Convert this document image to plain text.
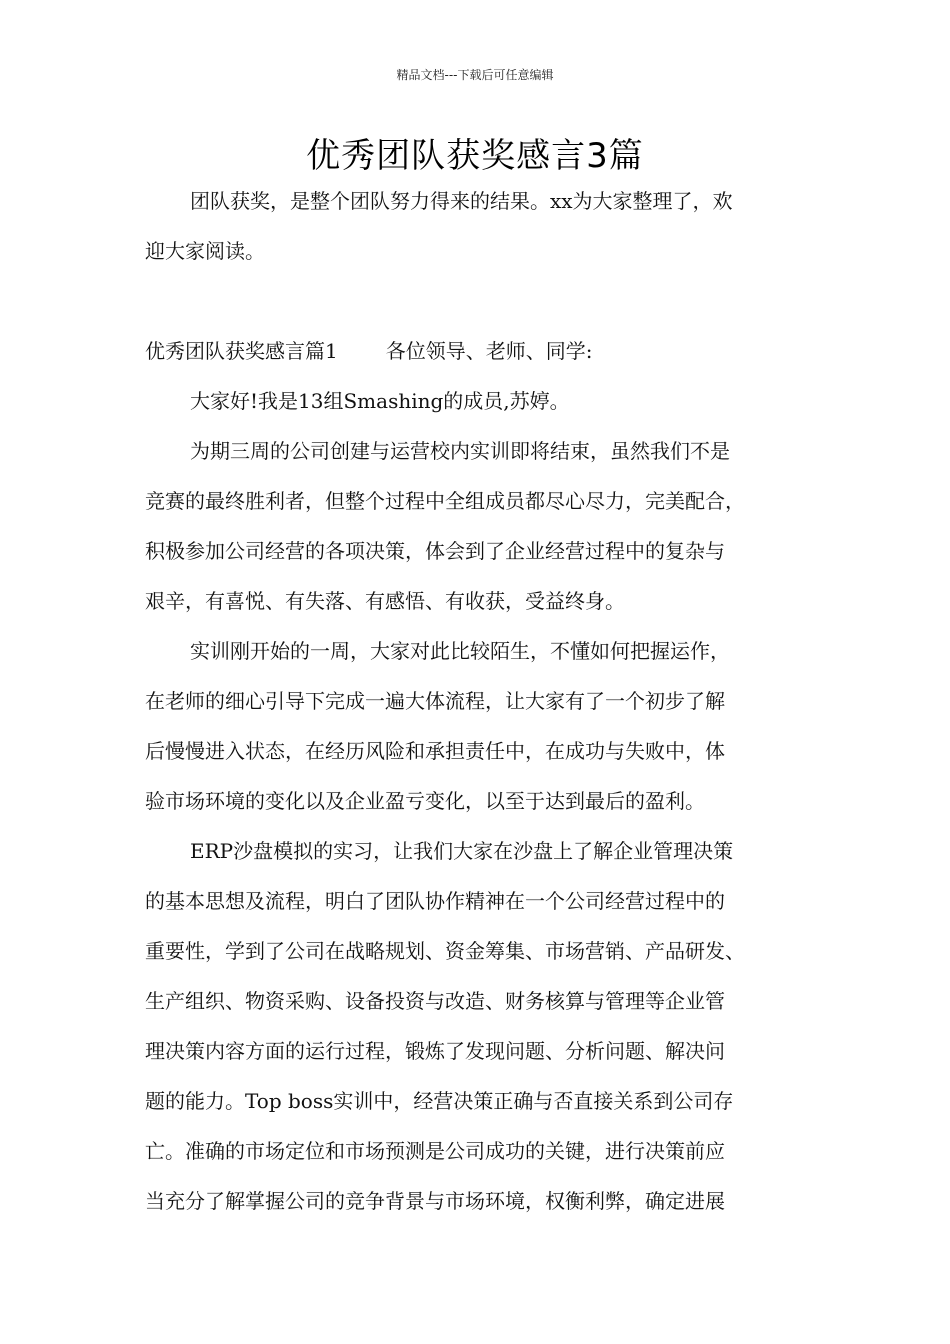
精品文档---下载后可任意编辑
优秀团队获奖感言3篇
团队获奖，是整个团队努力得来的结果。xx为大家整理了，欢
迎大家阅读。
优秀团队获奖感言篇1 各位领导、老师、同学:
大家好!我是13组Smashing的成员,苏婷。
为期三周的公司创建与运营校内实训即将结束，虽然我们不是
竞赛的最终胜利者，但整个过程中全组成员都尽心尽力，完美配合，
积极参加公司经营的各项决策，体会到了企业经营过程中的复杂与
艰辛，有喜悦、有失落、有感悟、有收获，受益终身。
实训刚开始的一周，大家对此比较陌生，不懂如何把握运作，
在老师的细心引导下完成一遍大体流程，让大家有了一个初步了解
后慢慢进入状态，在经历风险和承担责任中，在成功与失败中，体
验市场环境的变化以及企业盈亏变化，以至于达到最后的盈利。
ERP沙盘模拟的实习，让我们大家在沙盘上了解企业管理决策
的基本思想及流程，明白了团队协作精神在一个公司经营过程中的
重要性，学到了公司在战略规划、资金筹集、市场营销、产品研发、
生产组织、物资采购、设备投资与改造、财务核算与管理等企业管
理决策内容方面的运行过程，锻炼了发现问题、分析问题、解决问
题的能力。Top boss实训中，经营决策正确与否直接关系到公司存
亡。准确的市场定位和市场预测是公司成功的关键，进行决策前应
当充分了解掌握公司的竞争背景与市场环境，权衡利弊，确定进展
